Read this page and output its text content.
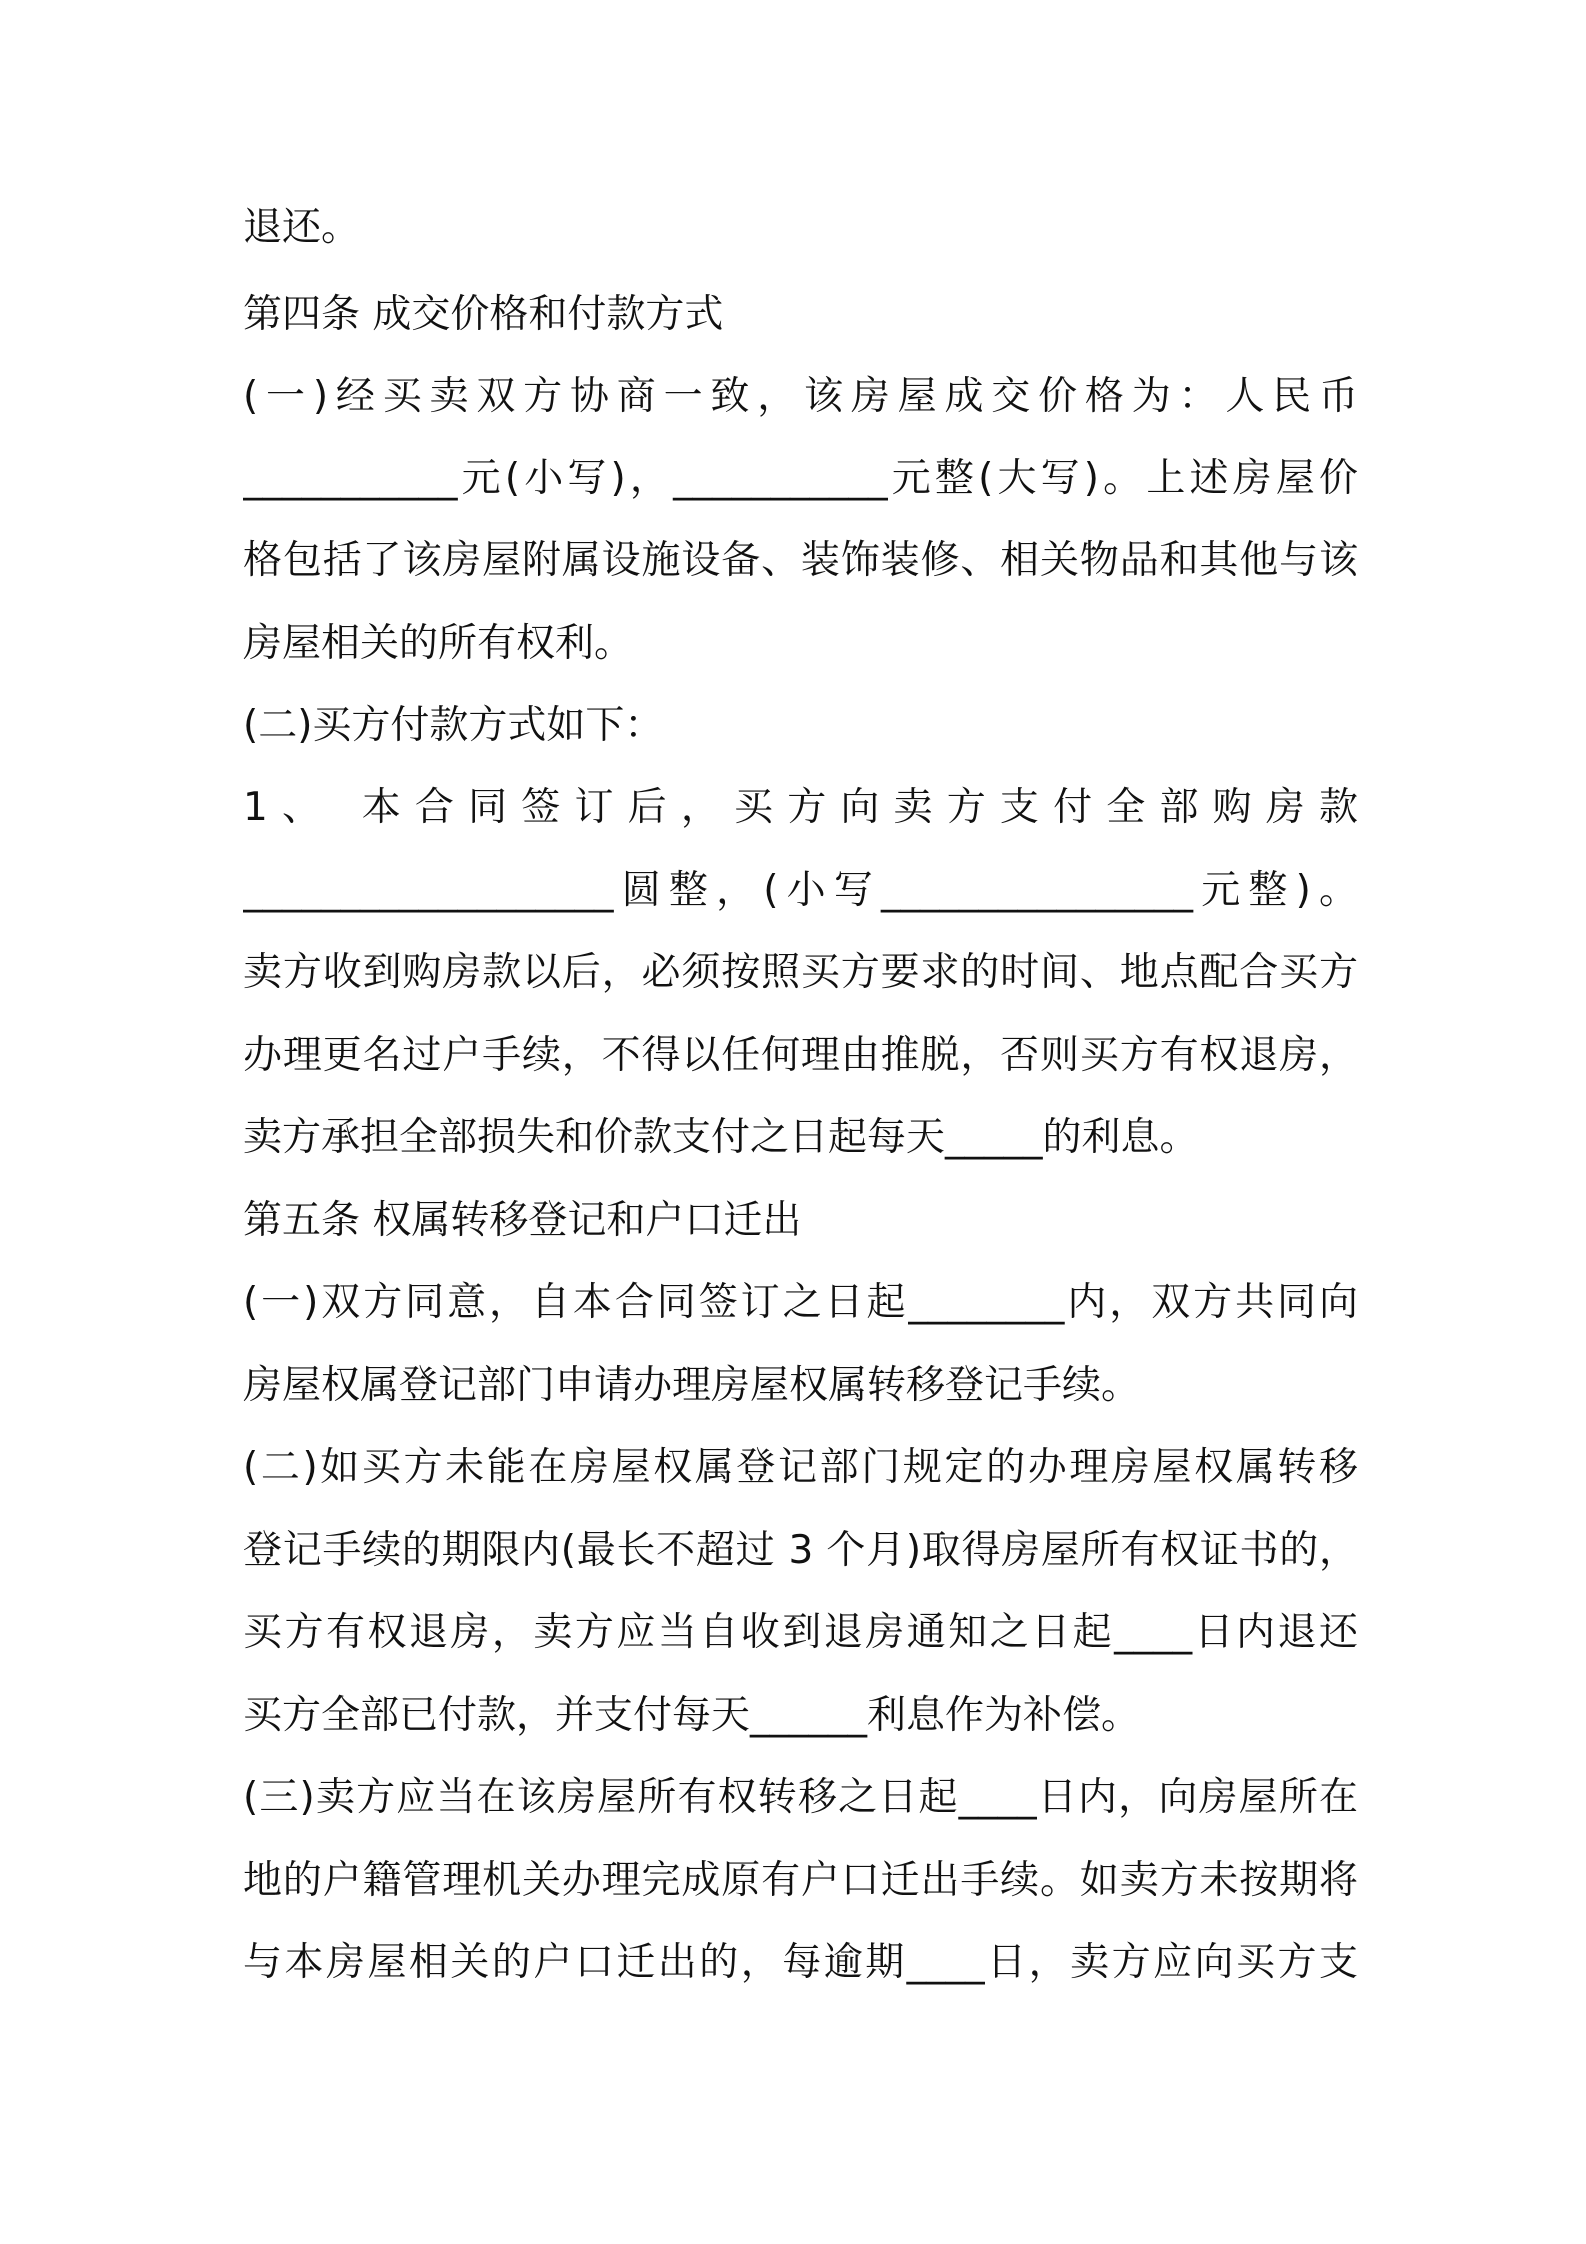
退还。
第四条 成交价格和付款方式
(一)经买卖双方协商一致，该房屋成交价格为：人民币
___________元(小写)，___________元整(大写)。上述房屋价
格包括了该房屋附属设施设备、装饰装修、相关物品和其他与该
房屋相关的所有权利。
(二)买方付款方式如下：
1、 本合同签订后，买方向卖方支付全部购房款
___________________圆整，(小写________________元整)。
卖方收到购房款以后，必须按照买方要求的时间、地点配合买方
办理更名过户手续，不得以任何理由推脱，否则买方有权退房，
卖方承担全部损失和价款支付之日起每天_____的利息。
第五条 权属转移登记和户口迁出
(一)双方同意，自本合同签订之日起________内，双方共同向
房屋权属登记部门申请办理房屋权属转移登记手续。
(二)如买方未能在房屋权属登记部门规定的办理房屋权属转移
登记手续的期限内(最长不超过 3 个月)取得房屋所有权证书的，
买方有权退房，卖方应当自收到退房通知之日起____日内退还
买方全部已付款，并支付每天______利息作为补偿。
(三)卖方应当在该房屋所有权转移之日起____日内，向房屋所在
地的户籍管理机关办理完成原有户口迁出手续。如卖方未按期将
与本房屋相关的户口迁出的，每逾期____日，卖方应向买方支
